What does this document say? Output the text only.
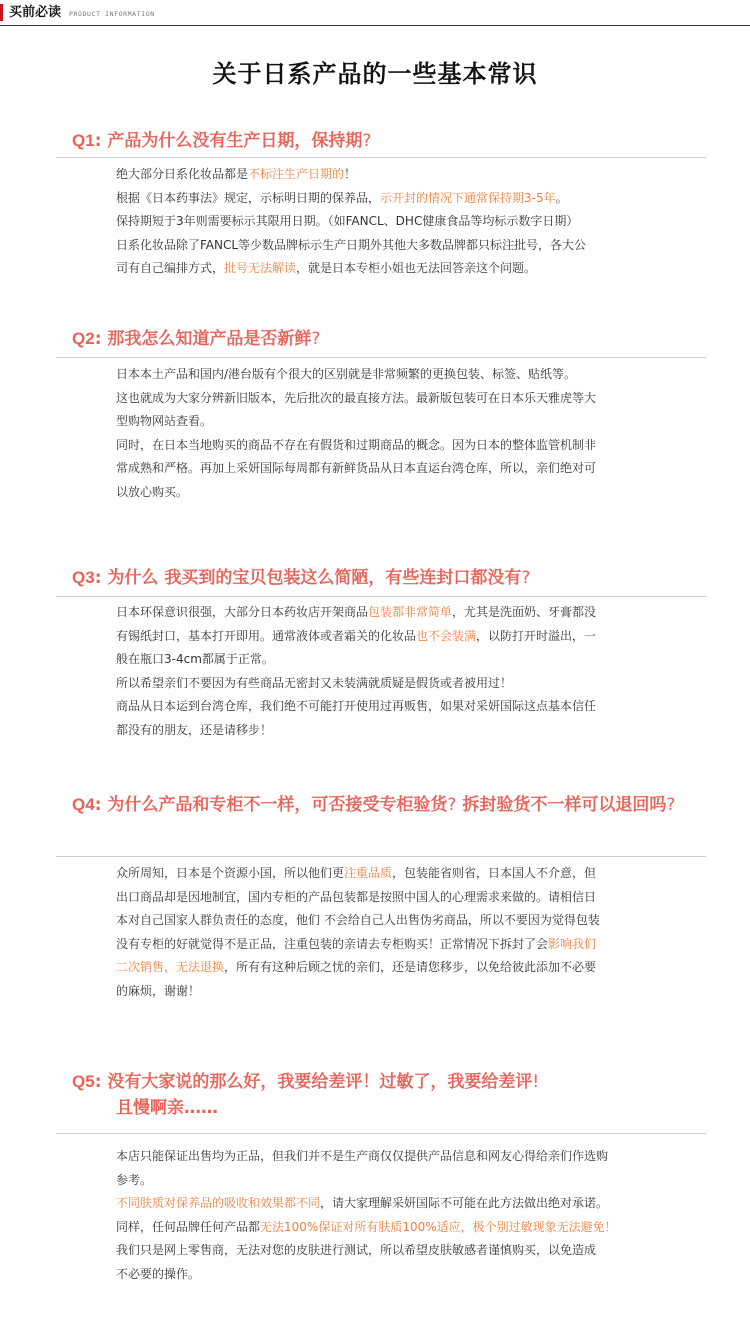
买前必读 PRODUCT INFORMATION
关于日系产品的一些基本常识
Q1: 产品为什么没有生产日期，保持期?

绝大部分日系化妆品都是不标注生产日期的！

根据《日本药事法》规定，示标明日期的保养品，示开封的情况下通常保持期3-5年。

保持期短于3年则需要标示其限用日期。（如FANCL、DHC健康食品等均标示数字日期）

日系化妆品除了FANCL等少数品牌标示生产日期外其他大多数品牌都只标注批号，各大公

司有自己编排方式，批号无法解读，就是日本专柜小姐也无法回答亲这个问题。

Q2: 那我怎么知道产品是否新鲜?

日本本土产品和国内/港台版有个很大的区别就是非常频繁的更换包装、标签、贴纸等。

这也就成为大家分辨新旧版本，先后批次的最直接方法。最新版包装可在日本乐天雅虎等大

型购物网站查看。

同时，在日本当地购买的商品不存在有假货和过期商品的概念。因为日本的整体监管机制非

常成熟和严格。再加上采妍国际每周都有新鲜货品从日本直运台湾仓库，所以，亲们绝对可

以放心购买。

Q3: 为什么 我买到的宝贝包装这么简陋，有些连封口都没有?

日本环保意识很强，大部分日本药妆店开架商品包装都非常简单，尤其是洗面奶、牙膏都没

有锡纸封口，基本打开即用。通常液体或者霜关的化妆品也不会装满，以防打开时溢出，一

般在瓶口3-4cm都属于正常。

所以希望亲们不要因为有些商品无密封又未装满就质疑是假货或者被用过！

商品从日本运到台湾仓库，我们绝不可能打开使用过再贩售，如果对采妍国际这点基本信任

都没有的朋友，还是请移步！

Q4: 为什么产品和专柜不一样，可否接受专柜验货? 拆封验货不一样可以退回吗?

众所周知，日本是个资源小国，所以他们更注重品质，包装能省则省，日本国人不介意，但

出口商品却是因地制宜，国内专柜的产品包装都是按照中国人的心理需求来做的。请相信日

本对自己国家人群负责任的态度，他们 不会给自己人出售伪劣商品，所以不要因为觉得包装

没有专柜的好就觉得不是正品，注重包装的亲请去专柜购买！正常情况下拆封了会影响我们

二次销售，无法退换，所有有这种后顾之忧的亲们，还是请您移步，以免给彼此添加不必要

的麻烦，谢谢！

Q5: 没有大家说的那么好，我要给差评！过敏了，我要给差评!
且慢啊亲……

本店只能保证出售均为正品，但我们并不是生产商仅仅提供产品信息和网友心得给亲们作选购

参考。

不同肤质对保养品的吸收和效果都不同，请大家理解采妍国际不可能在此方法做出绝对承诺。

同样，任何品牌任何产品都无法100%保证对所有肤质100%适应，极个别过敏现象无法避免！

我们只是网上零售商，无法对您的皮肤进行测试，所以希望皮肤敏感者谨慎购买，以免造成

不必要的操作。
